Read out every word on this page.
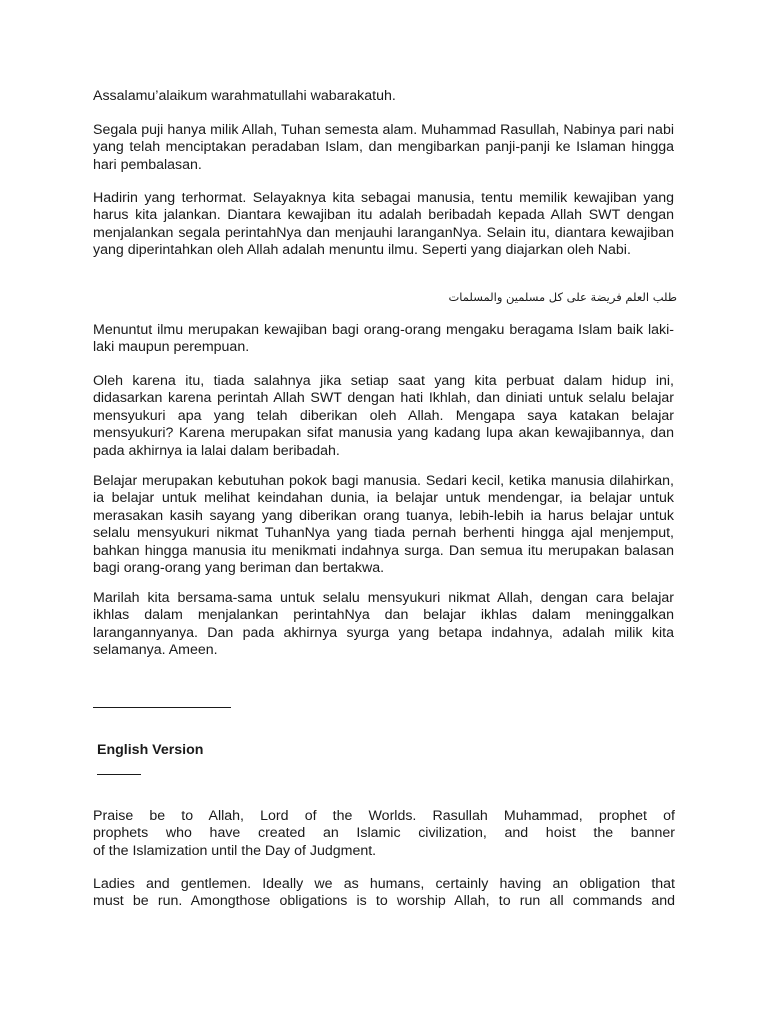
Assalamu’alaikum warahmatullahi wabarakatuh.

Segala puji hanya milik Allah, Tuhan semesta alam. Muhammad Rasullah, Nabinya pari nabi yang telah menciptakan peradaban Islam, dan mengibarkan panji-panji ke Islaman hingga hari pembalasan.

Hadirin yang terhormat. Selayaknya kita sebagai manusia, tentu memilik kewajiban yang harus kita jalankan. Diantara kewajiban itu adalah beribadah kepada Allah SWT dengan menjalankan segala perintahNya dan menjauhi laranganNya. Selain itu, diantara kewajiban yang diperintahkan oleh Allah adalah menuntu ilmu. Seperti yang diajarkan oleh Nabi.

طلب العلم فريضة على كل مسلمين والمسلمات

Menuntut ilmu merupakan kewajiban bagi orang-orang mengaku beragama Islam baik laki-laki maupun perempuan.

Oleh karena itu, tiada salahnya jika setiap saat yang kita perbuat dalam hidup ini, didasarkan karena perintah Allah SWT dengan hati Ikhlah, dan diniati untuk selalu belajar mensyukuri apa yang telah diberikan oleh Allah. Mengapa saya katakan belajar mensyukuri? Karena merupakan sifat manusia yang kadang lupa akan kewajibannya, dan pada akhirnya ia lalai dalam beribadah.

Belajar merupakan kebutuhan pokok bagi manusia. Sedari kecil, ketika manusia dilahirkan, ia belajar untuk melihat keindahan dunia, ia belajar untuk mendengar, ia belajar untuk merasakan kasih sayang yang diberikan orang tuanya, lebih-lebih ia harus belajar untuk selalu mensyukuri nikmat TuhanNya yang tiada pernah berhenti hingga ajal menjemput, bahkan hingga manusia itu menikmati indahnya surga. Dan semua itu merupakan balasan bagi orang-orang yang beriman dan bertakwa.

Marilah kita bersama-sama untuk selalu mensyukuri nikmat Allah, dengan cara belajar ikhlas dalam menjalankan perintahNya dan belajar ikhlas dalam meninggalkan larangannyanya. Dan pada akhirnya syurga yang betapa indahnya, adalah milik kita selamanya. Ameen.

English Version

Praise be to Allah, Lord of the Worlds. Rasullah Muhammad, prophet of
prophets who have created an Islamic civilization, and hoist the banner
of the Islamization until the Day of Judgment.
Ladies and gentlemen. Ideally we as humans, certainly having an obligation that
must be run. Amongthose obligations is to worship Allah, to run all commands and
